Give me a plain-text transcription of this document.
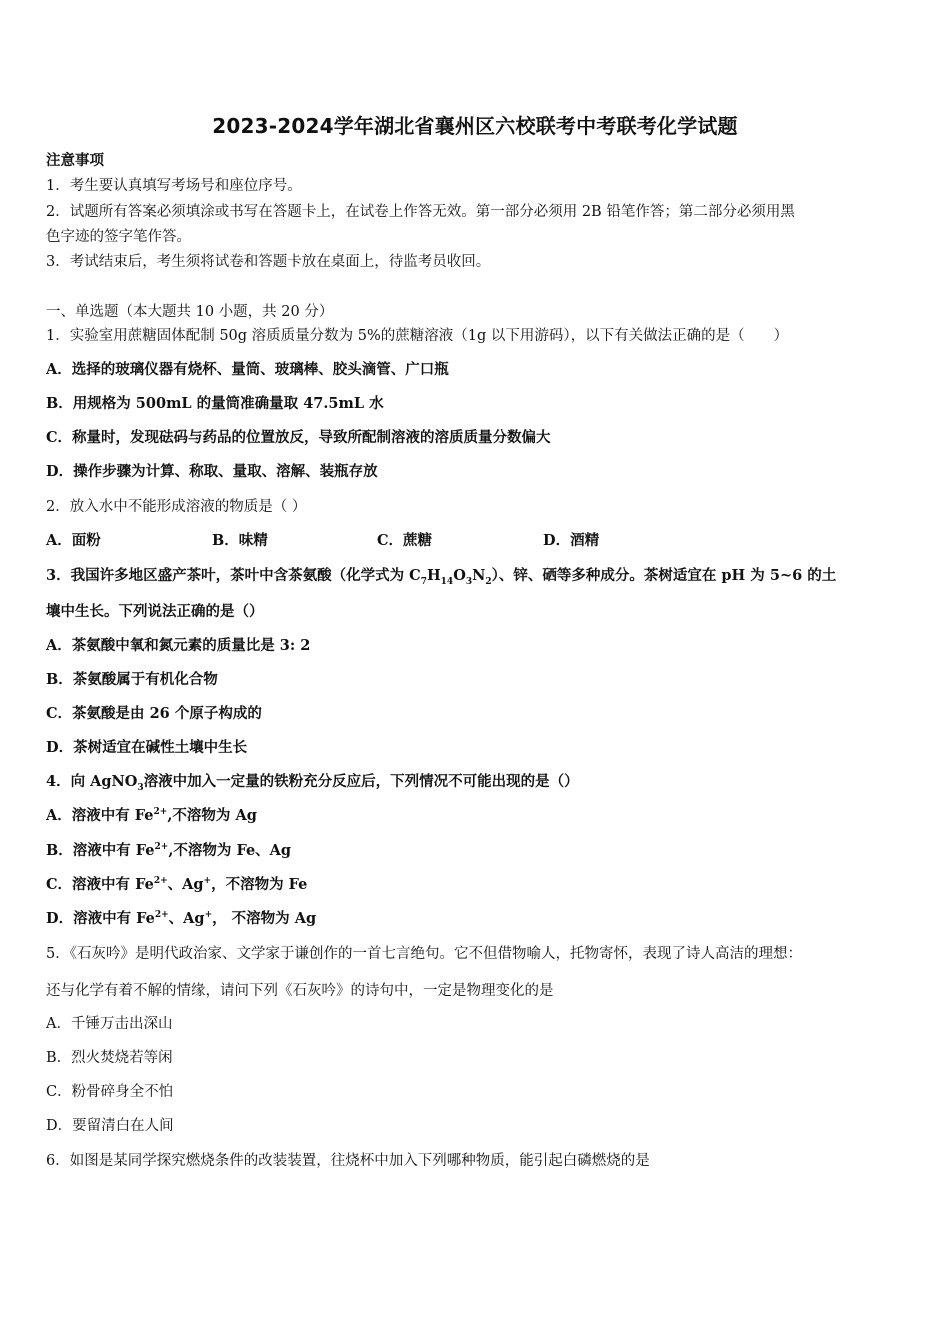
2023-2024学年湖北省襄州区六校联考中考联考化学试题
注意事项
1．考生要认真填写考场号和座位序号。
2．试题所有答案必须填涂或书写在答题卡上，在试卷上作答无效。第一部分必须用 2B 铅笔作答；第二部分必须用黑
色字迹的签字笔作答。
3．考试结束后，考生须将试卷和答题卡放在桌面上，待监考员收回。
一、单选题（本大题共 10 小题，共 20 分）
1．实验室用蔗糖固体配制 50g 溶质质量分数为 5%的蔗糖溶液（1g 以下用游码），以下有关做法正确的是（　　）
A．选择的玻璃仪器有烧杯、量筒、玻璃棒、胶头滴管、广口瓶
B．用规格为 500mL 的量筒准确量取 47.5mL 水
C．称量时，发现砝码与药品的位置放反，导致所配制溶液的溶质质量分数偏大
D．操作步骤为计算、称取、量取、溶解、装瓶存放
2．放入水中不能形成溶液的物质是（ ）
A．面粉	B．味精	C．蔗糖	D．酒精
3．我国许多地区盛产茶叶，茶叶中含茶氨酸（化学式为 $C_7H_{14}O_3N_2$）、锌、硒等多种成分。茶树适宜在 pH 为 5~6 的土
壤中生长。下列说法正确的是（）
A．茶氨酸中氧和氮元素的质量比是 3: 2
B．茶氨酸属于有机化合物
C．茶氨酸是由 26 个原子构成的
D．茶树适宜在碱性土壤中生长
4．向 AgNO$_3$溶液中加入一定量的铁粉充分反应后，下列情况不可能出现的是（）
A．溶液中有 $Fe^{2+}$,不溶物为 Ag
B．溶液中有 $Fe^{2+}$,不溶物为 Fe、Ag
C．溶液中有 $Fe^{2+}$、Ag+，不溶物为 Fe
D．溶液中有 $Fe^{2+}$、Ag+， 不溶物为 Ag
5．《石灰吟》是明代政治家、文学家于谦创作的一首七言绝句。它不但借物喻人，托物寄怀，表现了诗人高洁的理想：
还与化学有着不解的情缘，请问下列《石灰吟》的诗句中，一定是物理变化的是
A．千锤万击出深山
B．烈火焚烧若等闲
C．粉骨碎身全不怕
D．要留清白在人间
6．如图是某同学探究燃烧条件的改装装置，往烧杯中加入下列哪种物质，能引起白磷燃烧的是
